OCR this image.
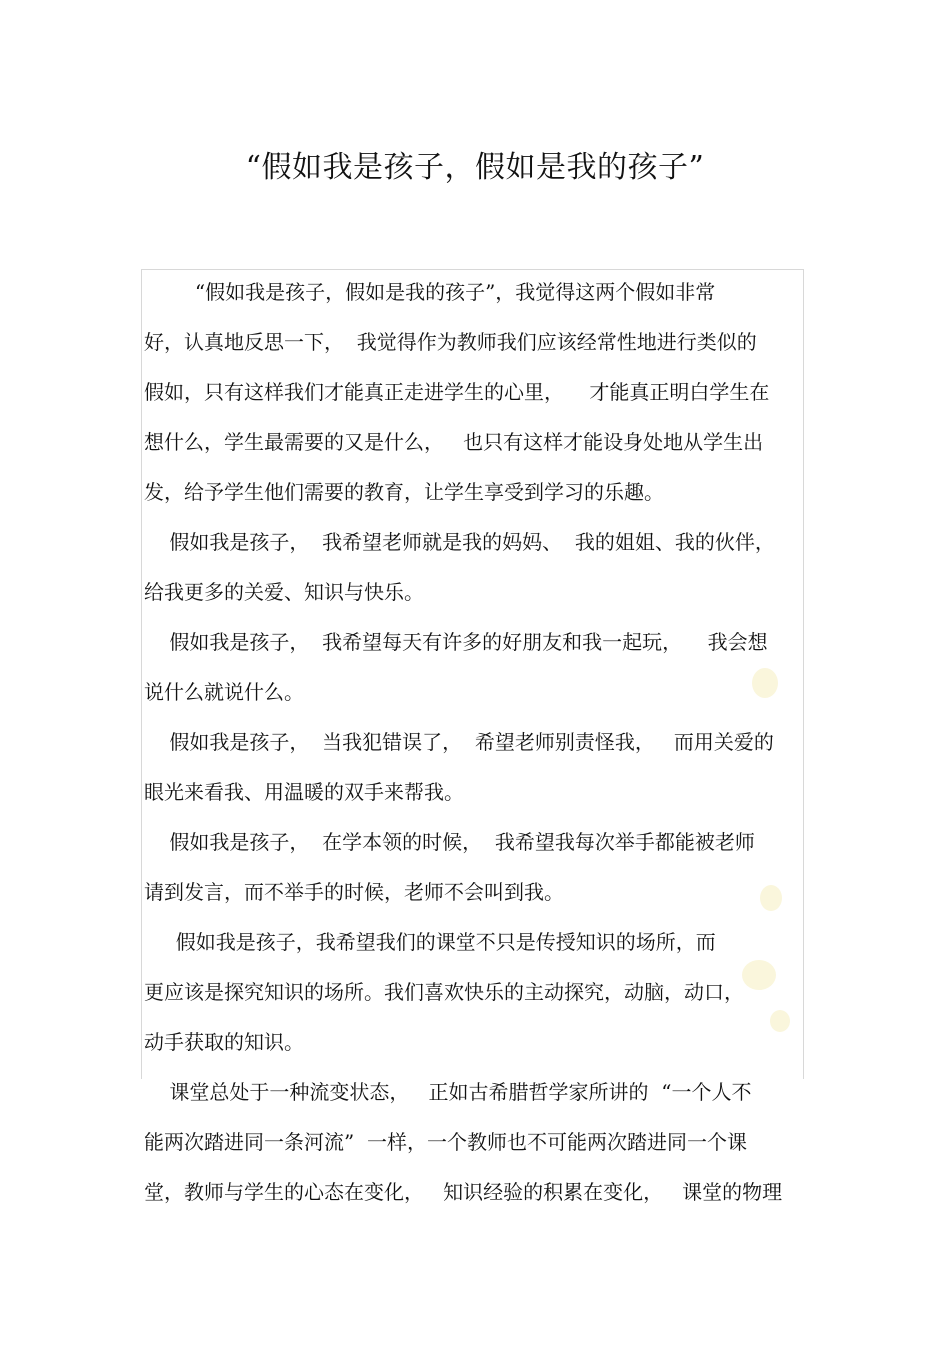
“假如我是孩子，假如是我的孩子”
“假如我是孩子，假如是我的孩子”，我觉得这两个假如非常
好，认真地反思一下，  我觉得作为教师我们应该经常性地进行类似的
假如，只有这样我们才能真正走进学生的心里，    才能真正明白学生在
想什么，学生最需要的又是什么，   也只有这样才能设身处地从学生出
发，给予学生他们需要的教育，让学生享受到学习的乐趣。
假如我是孩子，  我希望老师就是我的妈妈、  我的姐姐、我的伙伴，
给我更多的关爱、知识与快乐。
假如我是孩子，  我希望每天有许多的好朋友和我一起玩，    我会想
说什么就说什么。
假如我是孩子，  当我犯错误了，  希望老师别责怪我，   而用关爱的
眼光来看我、用温暖的双手来帮我。
假如我是孩子，  在学本领的时候，  我希望我每次举手都能被老师
请到发言，而不举手的时候，老师不会叫到我。
假如我是孩子，我希望我们的课堂不只是传授知识的场所，而
更应该是探究知识的场所。我们喜欢快乐的主动探究，动脑，动口，
动手获取的知识。
课堂总处于一种流变状态，   正如古希腊哲学家所讲的  “一个人不
能两次踏进同一条河流”  一样，一个教师也不可能两次踏进同一个课
堂，教师与学生的心态在变化，   知识经验的积累在变化，   课堂的物理
